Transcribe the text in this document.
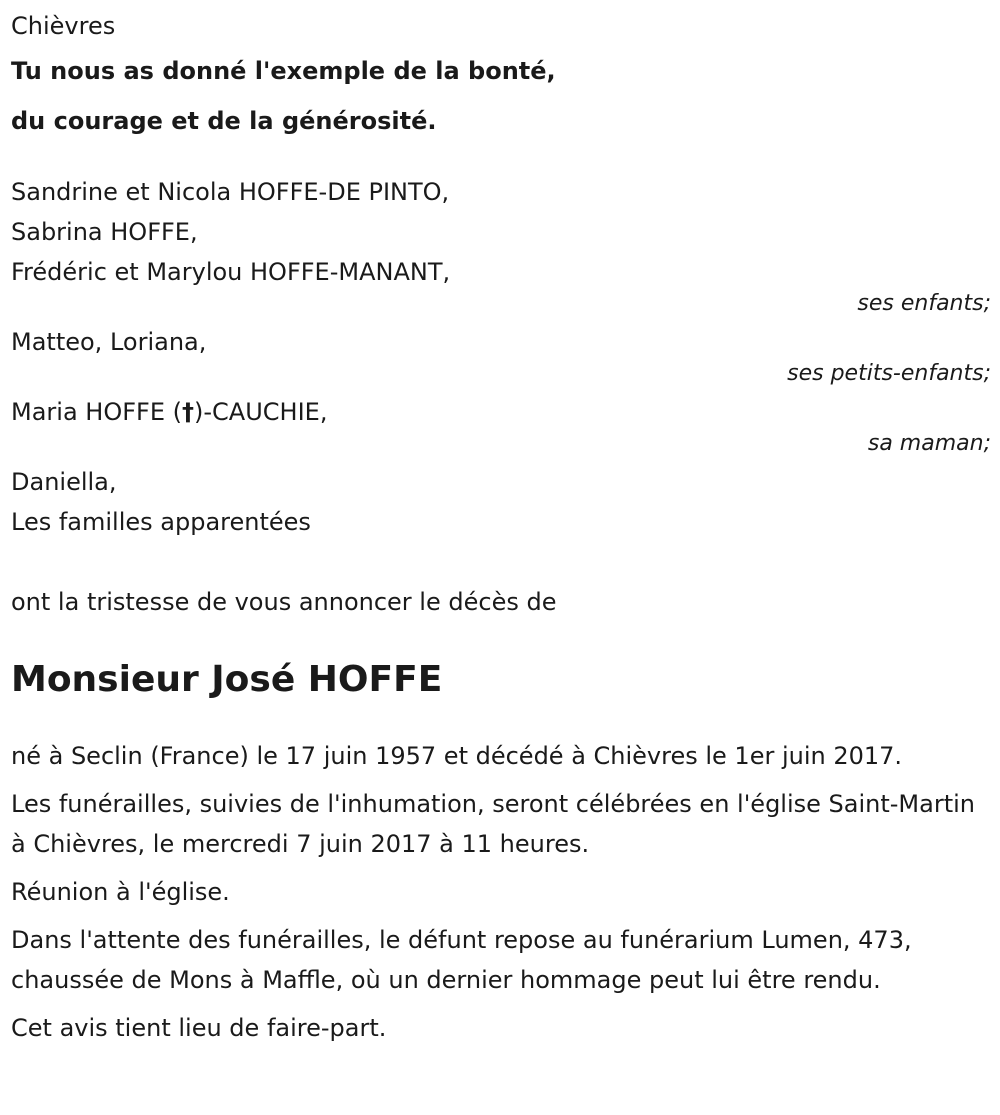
Chièvres
Tu nous as donné l'exemple de la bonté,
du courage et de la générosité.
Sandrine et Nicola HOFFE-DE PINTO,
Sabrina HOFFE,
Frédéric et Marylou HOFFE-MANANT,
ses enfants;
Matteo, Loriana,
ses petits-enfants;
Maria HOFFE (†)-CAUCHIE,
sa maman;
Daniella,
Les familles apparentées
ont la tristesse de vous annoncer le décès de
Monsieur José HOFFE
né à Seclin (France) le 17 juin 1957 et décédé à Chièvres le 1er juin 2017.
Les funérailles, suivies de l'inhumation, seront célébrées en l'église Saint-Martin à Chièvres, le mercredi 7 juin 2017 à 11 heures.
Réunion à l'église.
Dans l'attente des funérailles, le défunt repose au funérarium Lumen, 473, chaussée de Mons à Maffle, où un dernier hommage peut lui être rendu.
Cet avis tient lieu de faire-part.
